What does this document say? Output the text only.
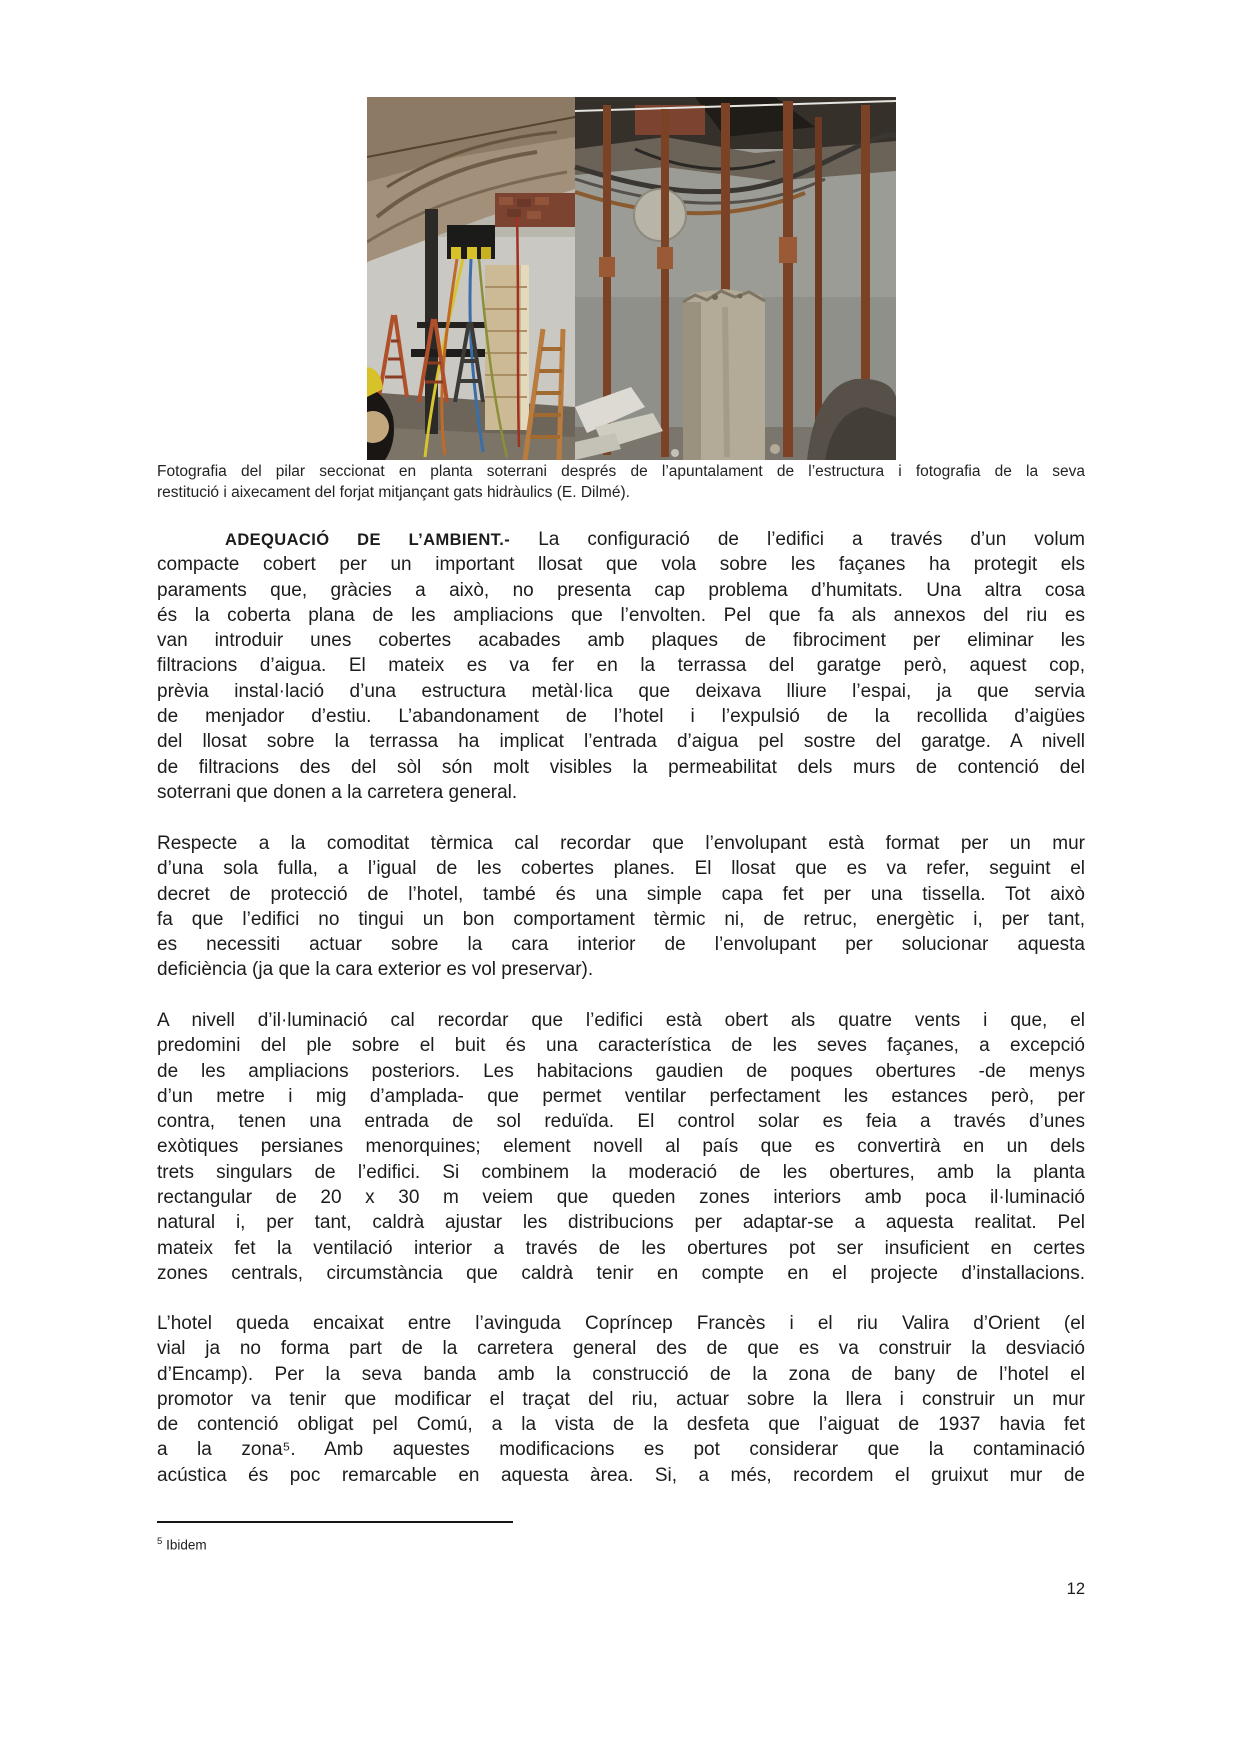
Fotografia del pilar seccionat en planta soterrani després de l’apuntalament de l’estructura i fotografia de la seva
restitució i aixecament del forjat mitjançant gats hidràulics (E. Dilmé).
ADEQUACIÓ DE L’AMBIENT.- La configuració de l’edifici a través d’un volum
compacte cobert per un important llosat que vola sobre les façanes ha protegit els
paraments que, gràcies a això, no presenta cap problema d’humitats. Una altra cosa
és la coberta plana de les ampliacions que l’envolten. Pel que fa als annexos del riu es
van introduir unes cobertes acabades amb plaques de fibrociment per eliminar les
filtracions d’aigua. El mateix es va fer en la terrassa del garatge però, aquest cop,
prèvia instal·lació d’una estructura metàl·lica que deixava lliure l’espai, ja que servia
de menjador d’estiu. L’abandonament de l’hotel i l’expulsió de la recollida d’aigües
del llosat sobre la terrassa ha implicat l’entrada d’aigua pel sostre del garatge. A nivell
de filtracions des del sòl són molt visibles la permeabilitat dels murs de contenció del
soterrani que donen a la carretera general.
Respecte a la comoditat tèrmica cal recordar que l’envolupant està format per un mur
d’una sola fulla, a l’igual de les cobertes planes. El llosat que es va refer, seguint el
decret de protecció de l’hotel, també és una simple capa fet per una tissella. Tot això
fa que l’edifici no tingui un bon comportament tèrmic ni, de retruc, energètic i, per tant,
es necessiti actuar sobre la cara interior de l’envolupant per solucionar aquesta
deficiència (ja que la cara exterior es vol preservar).
A nivell d’il·luminació cal recordar que l’edifici està obert als quatre vents i que, el
predomini del ple sobre el buit és una característica de les seves façanes, a excepció
de les ampliacions posteriors. Les habitacions gaudien de poques obertures -de menys
d’un metre i mig d’amplada- que permet ventilar perfectament les estances però, per
contra, tenen una entrada de sol reduïda. El control solar es feia a través d’unes
exòtiques persianes menorquines; element novell al país que es convertirà en un dels
trets singulars de l’edifici. Si combinem la moderació de les obertures, amb la planta
rectangular de 20 x 30 m veiem que queden zones interiors amb poca il·luminació
natural i, per tant, caldrà ajustar les distribucions per adaptar-se a aquesta realitat. Pel
mateix fet la ventilació interior a través de les obertures pot ser insuficient en certes
zones centrals, circumstància que caldrà tenir en compte en el projecte d’installacions.
L’hotel queda encaixat entre l’avinguda Copríncep Francès i el riu Valira d’Orient (el
vial ja no forma part de la carretera general des de que es va construir la desviació
d’Encamp). Per la seva banda amb la construcció de la zona de bany de l’hotel el
promotor va tenir que modificar el traçat del riu, actuar sobre la llera i construir un mur
de contenció obligat pel Comú, a la vista de la desfeta que l’aiguat de 1937 havia fet
a la zona⁵. Amb aquestes modificacions es pot considerar que la contaminació
acústica és poc remarcable en aquesta àrea. Si, a més, recordem el gruixut mur de
$^5$ Ibidem
12
